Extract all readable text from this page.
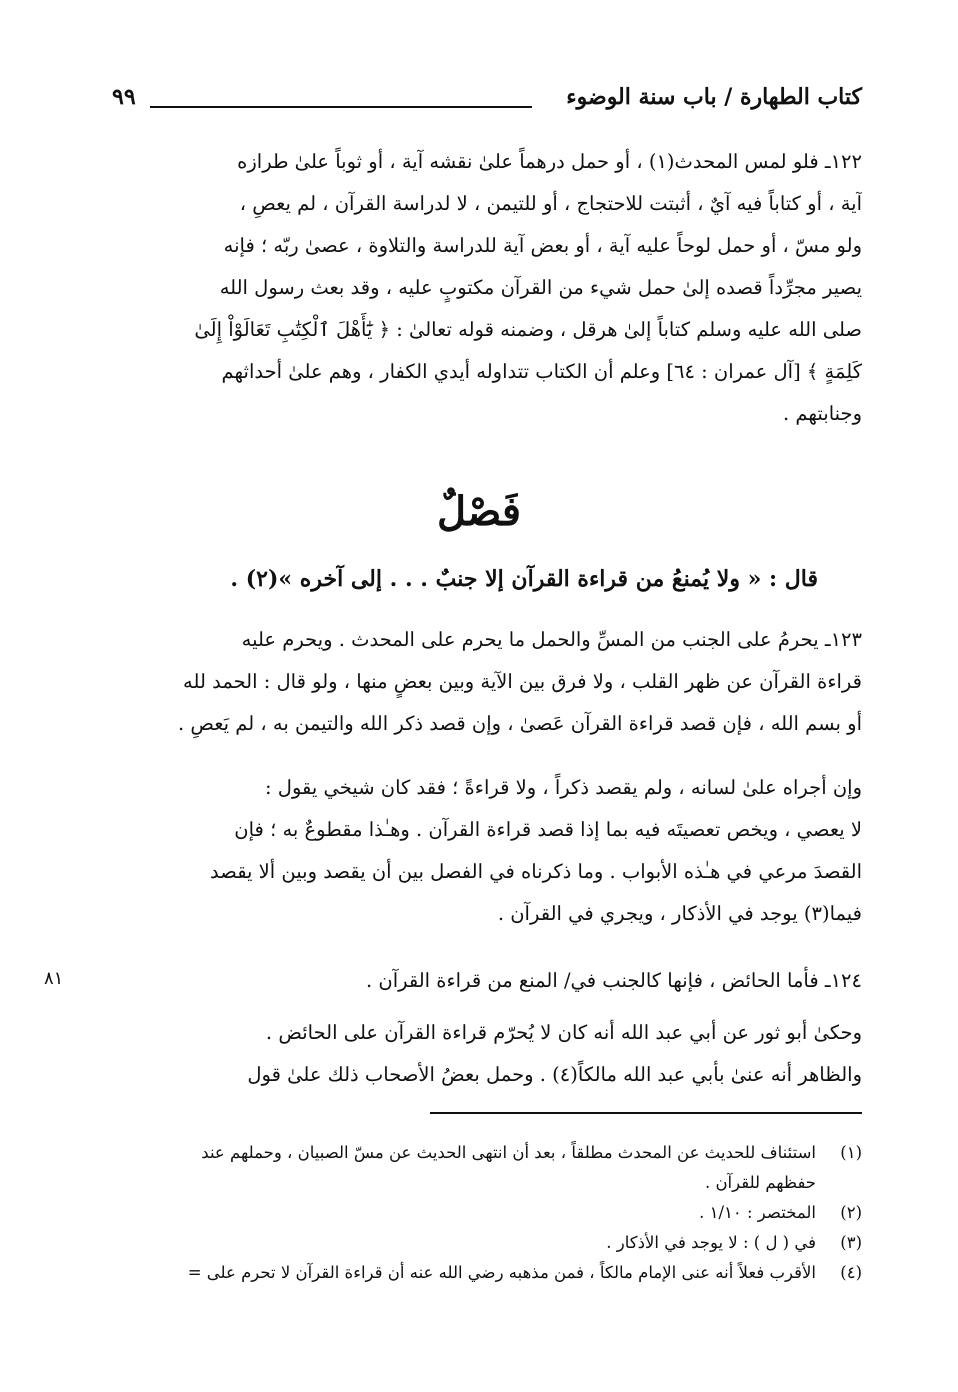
كتاب الطهارة / باب سنة الوضوء
٩٩
١٢٢ـ فلو لمس المحدث(١) ، أو حمل درهماً علىٰ نقشه آية ، أو ثوباً علىٰ طرازه
آية ، أو كتاباً فيه آيٌ ، أثبتت للاحتجاج ، أو للتيمن ، لا لدراسة القرآن ، لم يعصِ ،
ولو مسّ ، أو حمل لوحاً عليه آية ، أو بعض آية للدراسة والتلاوة ، عصىٰ ربّه ؛ فإنه
يصير مجرِّداً قصده إلىٰ حمل شيء من القرآن مكتوبٍ عليه ، وقد بعث رسول الله
صلى الله عليه وسلم كتاباً إلىٰ هرقل ، وضمنه قوله تعالىٰ : ﴿ يَٰٓأَهْلَ ٱلْكِتَٰبِ تَعَالَوْاْ إِلَىٰ
كَلِمَةٍ ﴾ [آل عمران : ٦٤] وعلم أن الكتاب تتداوله أيدي الكفار ، وهم علىٰ أحداثهم
وجنابتهم .
فَصْلٌ
قال : « ولا يُمنعُ من قراءة القرآن إلا جنبٌ . . . إلى آخره »(٢) .
١٢٣ـ يحرمُ على الجنب من المسِّ والحمل ما يحرم على المحدث . ويحرم عليه
قراءة القرآن عن ظهر القلب ، ولا فرق بين الآية وبين بعضٍ منها ، ولو قال : الحمد لله
أو بسم الله ، فإن قصد قراءة القرآن عَصىٰ ، وإن قصد ذكر الله والتيمن به ، لم يَعصِ .
وإن أجراه علىٰ لسانه ، ولم يقصد ذكراً ، ولا قراءةً ؛ فقد كان شيخي يقول :
لا يعصي ، ويخص تعصيتَه فيه بما إذا قصد قراءة القرآن . وهـٰذا مقطوعٌ به ؛ فإن
القصدَ مرعي في هـٰذه الأبواب . وما ذكرناه في الفصل بين أن يقصد وبين ألا يقصد
فيما(٣) يوجد في الأذكار ، ويجري في القرآن .
١٢٤ـ فأما الحائض ، فإنها كالجنب في/ المنع من قراءة القرآن .
٨١
وحكىٰ أبو ثور عن أبي عبد الله أنه كان لا يُحرّم قراءة القرآن على الحائض .
والظاهر أنه عنىٰ بأبي عبد الله مالكاً(٤) . وحمل بعضُ الأصحاب ذلك علىٰ قول
(١)
استئناف للحديث عن المحدث مطلقاً ، بعد أن انتهى الحديث عن مسّ الصبيان ، وحملهم عند
حفظهم للقرآن .
(٢)
المختصر : ١/١٠ .
(٣)
في ( ل ) : لا يوجد في الأذكار .
(٤)
الأقرب فعلاً أنه عنى الإمام مالكاً ، فمن مذهبه رضي الله عنه أن قراءة القرآن لا تحرم على =
